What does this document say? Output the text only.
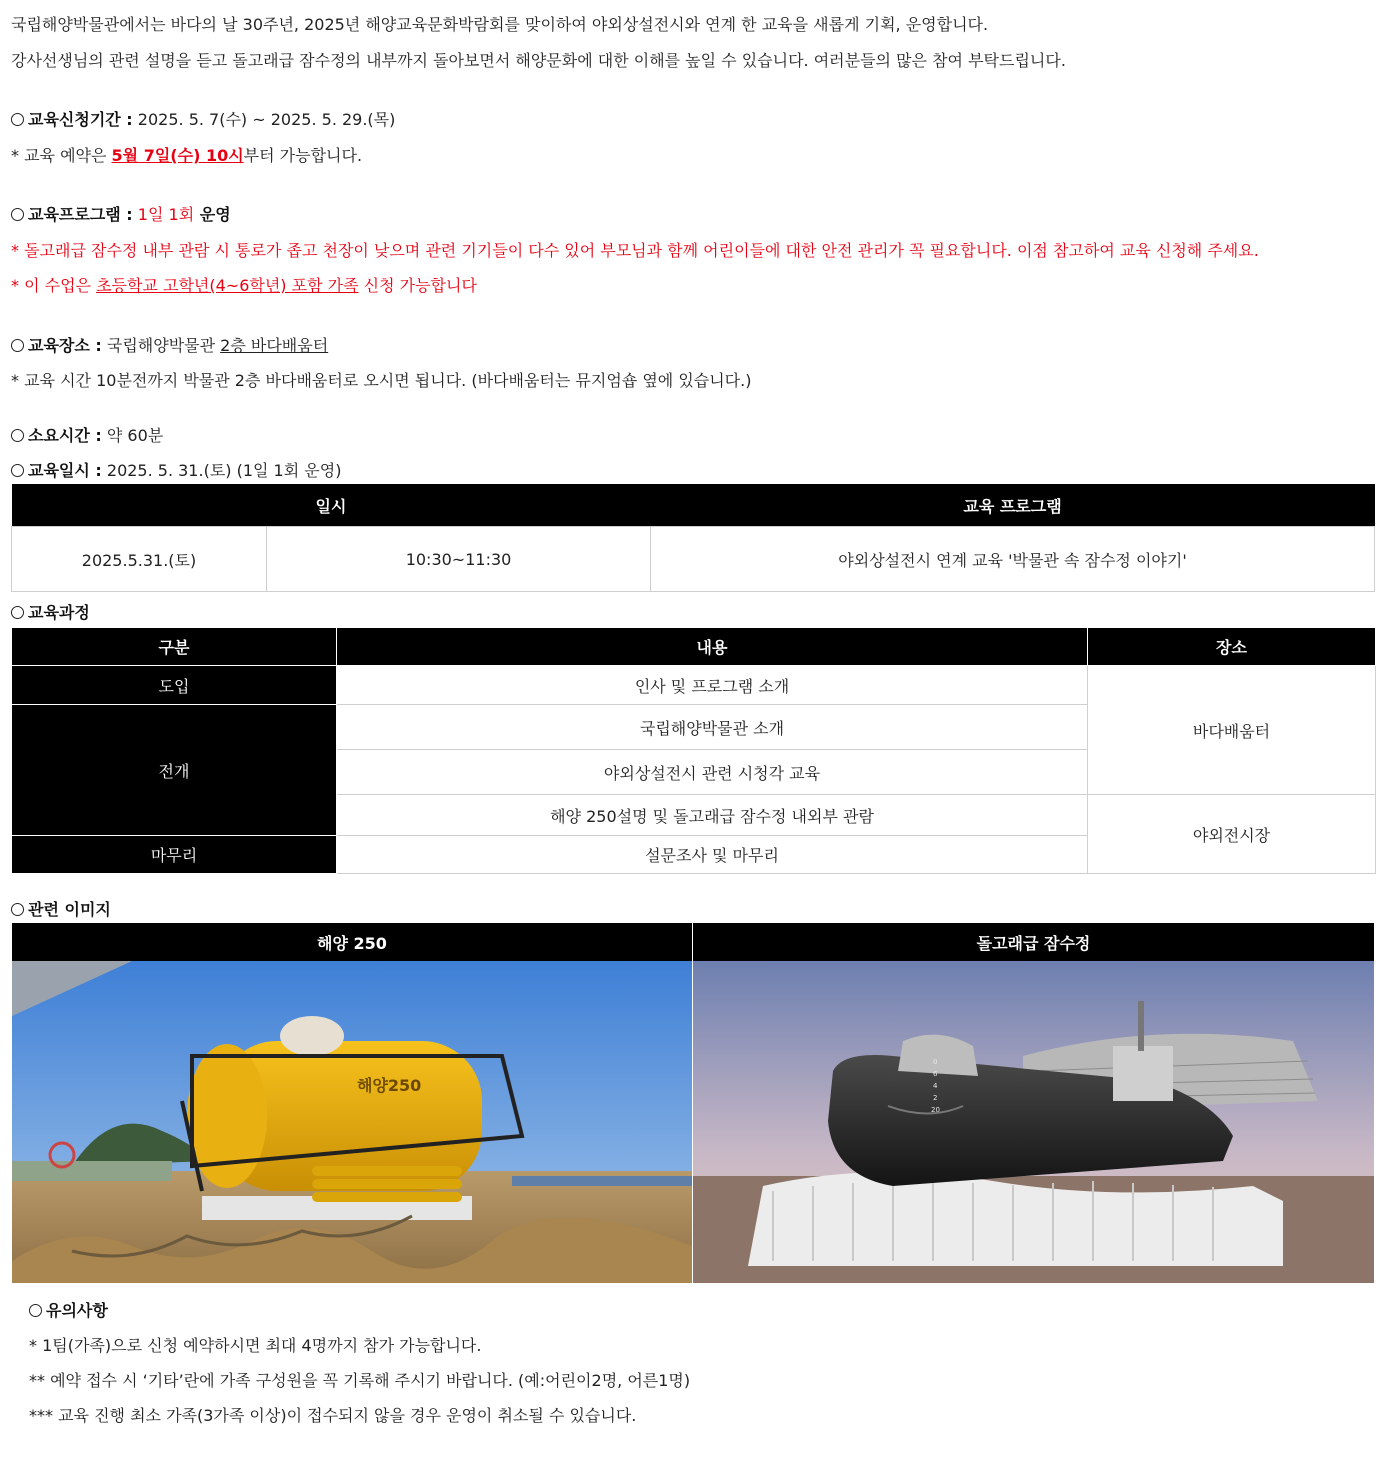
국립해양박물관에서는 바다의 날 30주년, 2025년 해양교육문화박람회를 맞이하여 야외상설전시와 연계 한 교육을 새롭게 기획, 운영합니다.
강사선생님의 관련 설명을 듣고 돌고래급 잠수정의 내부까지 돌아보면서 해양문화에 대한 이해를 높일 수 있습니다. 여러분들의 많은 참여 부탁드립니다.
교육신청기간 : 2025. 5. 7(수) ~ 2025. 5. 29.(목)
* 교육 예약은 5월 7일(수) 10시부터 가능합니다.
교육프로그램 : 1일 1회 운영
* 돌고래급 잠수정 내부 관람 시 통로가 좁고 천장이 낮으며 관련 기기들이 다수 있어 부모님과 함께 어린이들에 대한 안전 관리가 꼭 필요합니다. 이점 참고하여 교육 신청해 주세요.
* 이 수업은 초등학교 고학년(4~6학년) 포함 가족 신청 가능합니다
교육장소 : 국립해양박물관 2층 바다배움터
* 교육 시간 10분전까지 박물관 2층 바다배움터로 오시면 됩니다. (바다배움터는 뮤지엄숍 옆에 있습니다.)
소요시간 : 약 60분
교육일시 : 2025. 5. 31.(토) (1일 1회 운영)
일시		교육 프로그램
2025.5.31.(토)	10:30~11:30	야외상설전시 연계 교육 '박물관 속 잠수정 이야기'
교육과정
구분	내용	장소
도입	인사 및 프로그램 소개	바다배움터
전개	국립해양박물관 소개	
	야외상설전시 관련 시청각 교육	
	해양 250설명 및 돌고래급 잠수정 내외부 관람	야외전시장
마무리	설문조사 및 마무리	
관련 이미지
해양 250	돌고래급 잠수정
해양250
0
6
4
2
20
유의사항
* 1팀(가족)으로 신청 예약하시면 최대 4명까지 참가 가능합니다.
** 예약 접수 시 ‘기타’란에 가족 구성원을 꼭 기록해 주시기 바랍니다. (예:어린이2명, 어른1명)
*** 교육 진행 최소 가족(3가족 이상)이 접수되지 않을 경우 운영이 취소될 수 있습니다.
